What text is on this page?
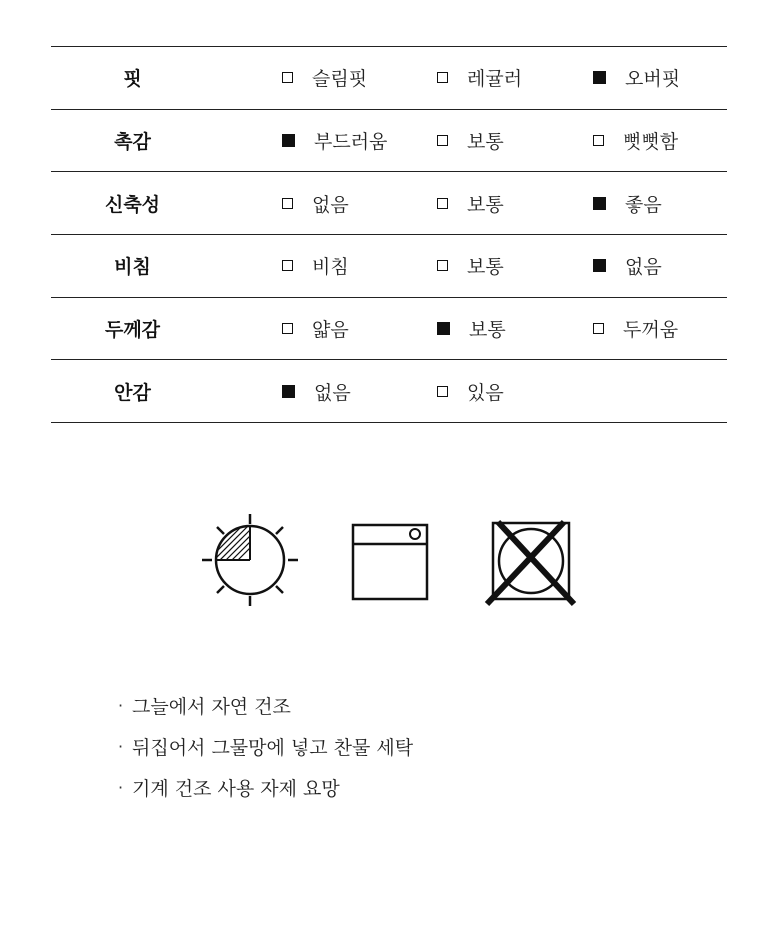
핏	슬림핏	레귤러	오버핏
촉감	부드러움	보통	뻣뻣함
신축성	없음	보통	좋음
비침	비침	보통	없음
두께감	얇음	보통	두꺼움
안감	없음	있음
· 그늘에서 자연 건조
· 뒤집어서 그물망에 넣고 찬물 세탁
· 기계 건조 사용 자제 요망
